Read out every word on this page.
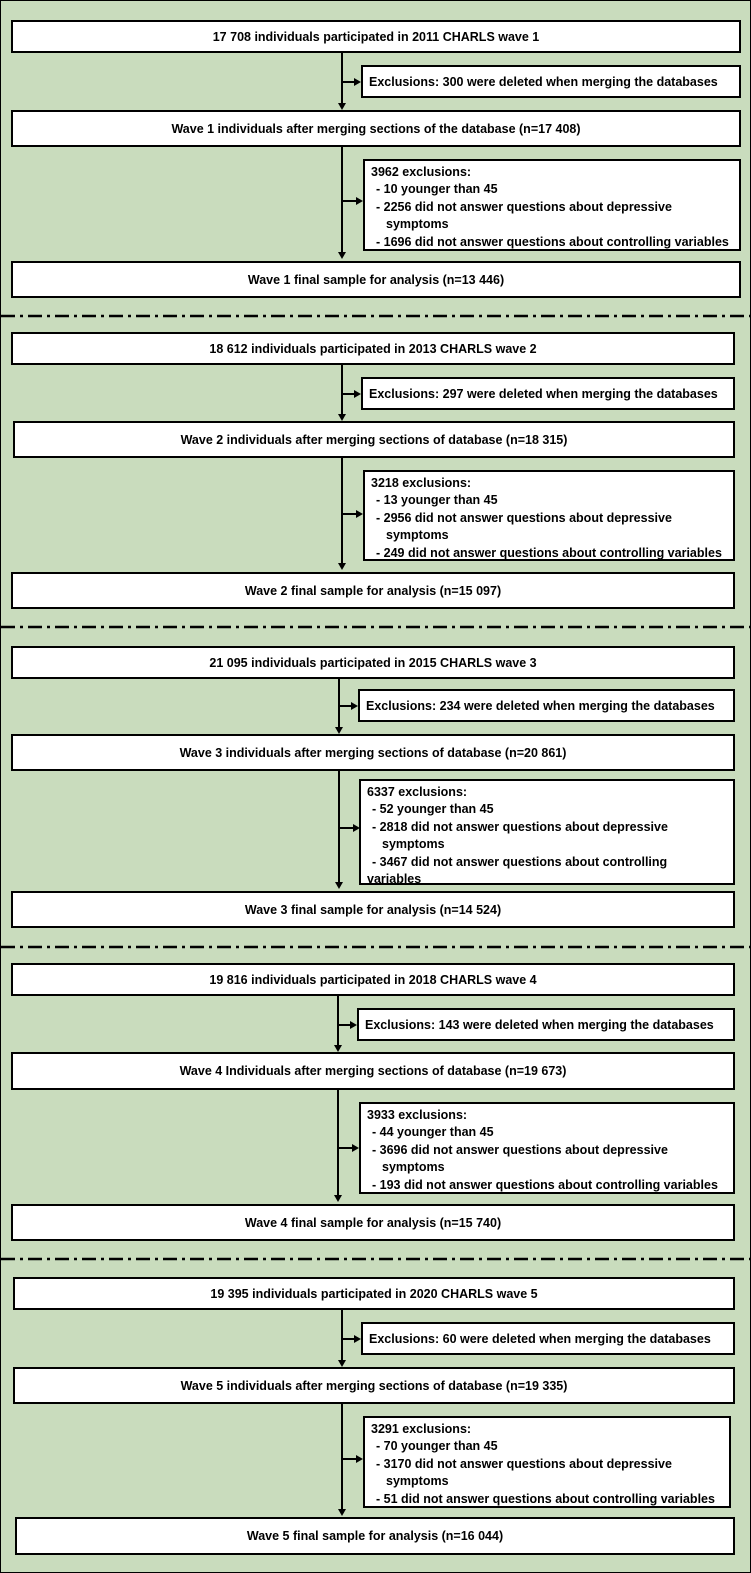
17 708 individuals participated in 2011 CHARLS wave 1
Exclusions: 300 were deleted when merging the databases
Wave 1 individuals after merging sections of the database (n=17 408)
3962 exclusions:
- 10 younger than 45
- 2256 did not answer questions about depressive
symptoms
- 1696 did not answer questions about controlling variables
Wave 1 final sample for analysis (n=13 446)
18 612 individuals participated in 2013 CHARLS wave 2
Exclusions: 297 were deleted when merging the databases
Wave 2 individuals after merging sections of database (n=18 315)
3218 exclusions:
- 13 younger than 45
- 2956 did not answer questions about depressive
symptoms
- 249 did not answer questions about controlling variables
Wave 2 final sample for analysis (n=15 097)
21 095 individuals participated in 2015 CHARLS wave 3
Exclusions: 234 were deleted when merging the databases
Wave 3 individuals after merging sections of database (n=20 861)
6337 exclusions:
- 52 younger than 45
- 2818 did not answer questions about depressive
symptoms
- 3467 did not answer questions about controlling
variables
Wave 3 final sample for analysis (n=14 524)
19 816 individuals participated in 2018 CHARLS wave 4
Exclusions: 143 were deleted when merging the databases
Wave 4 Individuals after merging sections of database (n=19 673)
3933 exclusions:
- 44 younger than 45
- 3696 did not answer questions about depressive
symptoms
- 193 did not answer questions about controlling variables
Wave 4 final sample for analysis (n=15 740)
19 395 individuals participated in 2020 CHARLS wave 5
Exclusions: 60 were deleted when merging the databases
Wave 5 individuals after merging sections of database (n=19 335)
3291 exclusions:
- 70 younger than 45
- 3170 did not answer questions about depressive
symptoms
- 51 did not answer questions about controlling variables
Wave 5 final sample for analysis (n=16 044)
